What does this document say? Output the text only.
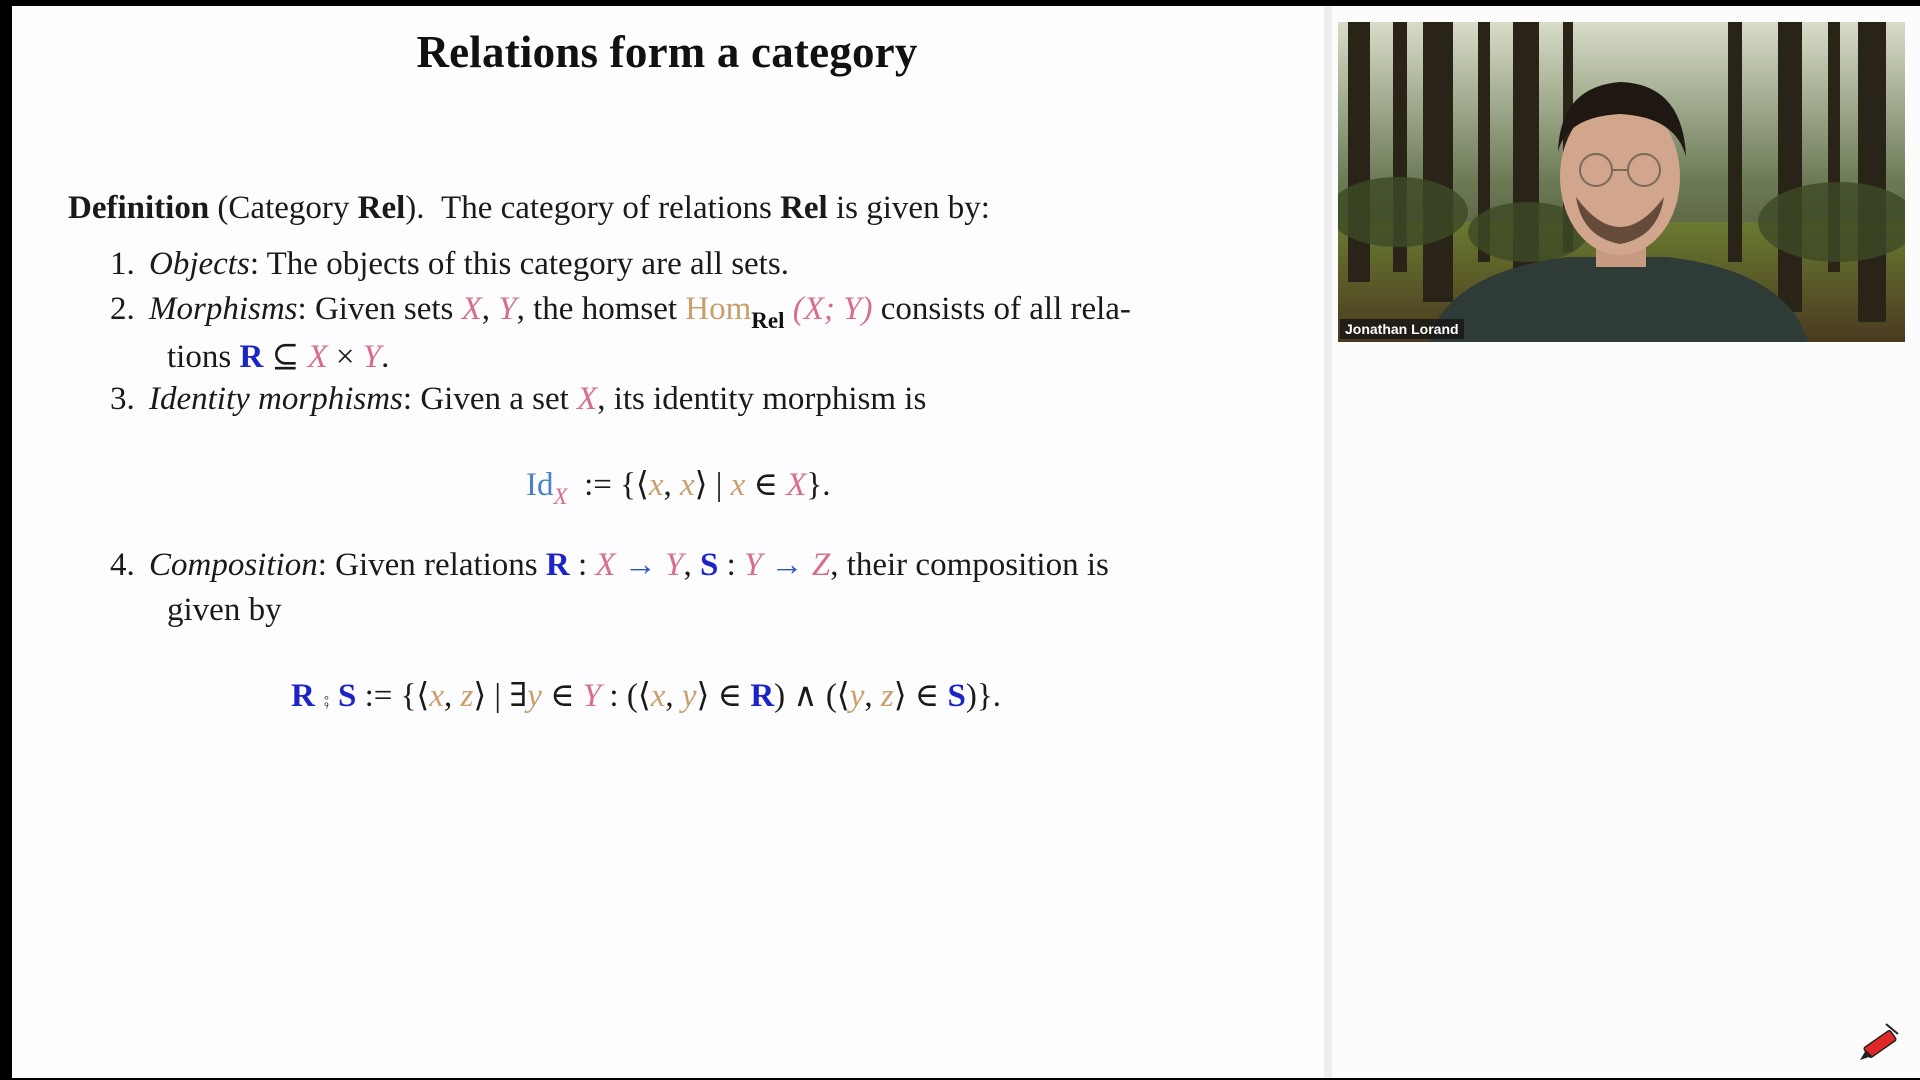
Relations form a category
Definition (Category Rel). The category of relations Rel is given by:
1. Objects: The objects of this category are all sets.
2. Morphisms: Given sets X, Y, the homset Hom$_{Rel}$ (X; Y) consists of all rela-
tions R ⊆ X × Y.
3. Identity morphisms: Given a set X, its identity morphism is
$Id_X$  := {⟨x, x⟩ | x ∈ X}.
4. Composition: Given relations R : X → Y, S : Y → Z, their composition is
given by
R ⨾ S := {⟨x, z⟩ | ∃y ∈ Y : (⟨x, y⟩ ∈ R) ∧ (⟨y, z⟩ ∈ S)}.
Jonathan Lorand
